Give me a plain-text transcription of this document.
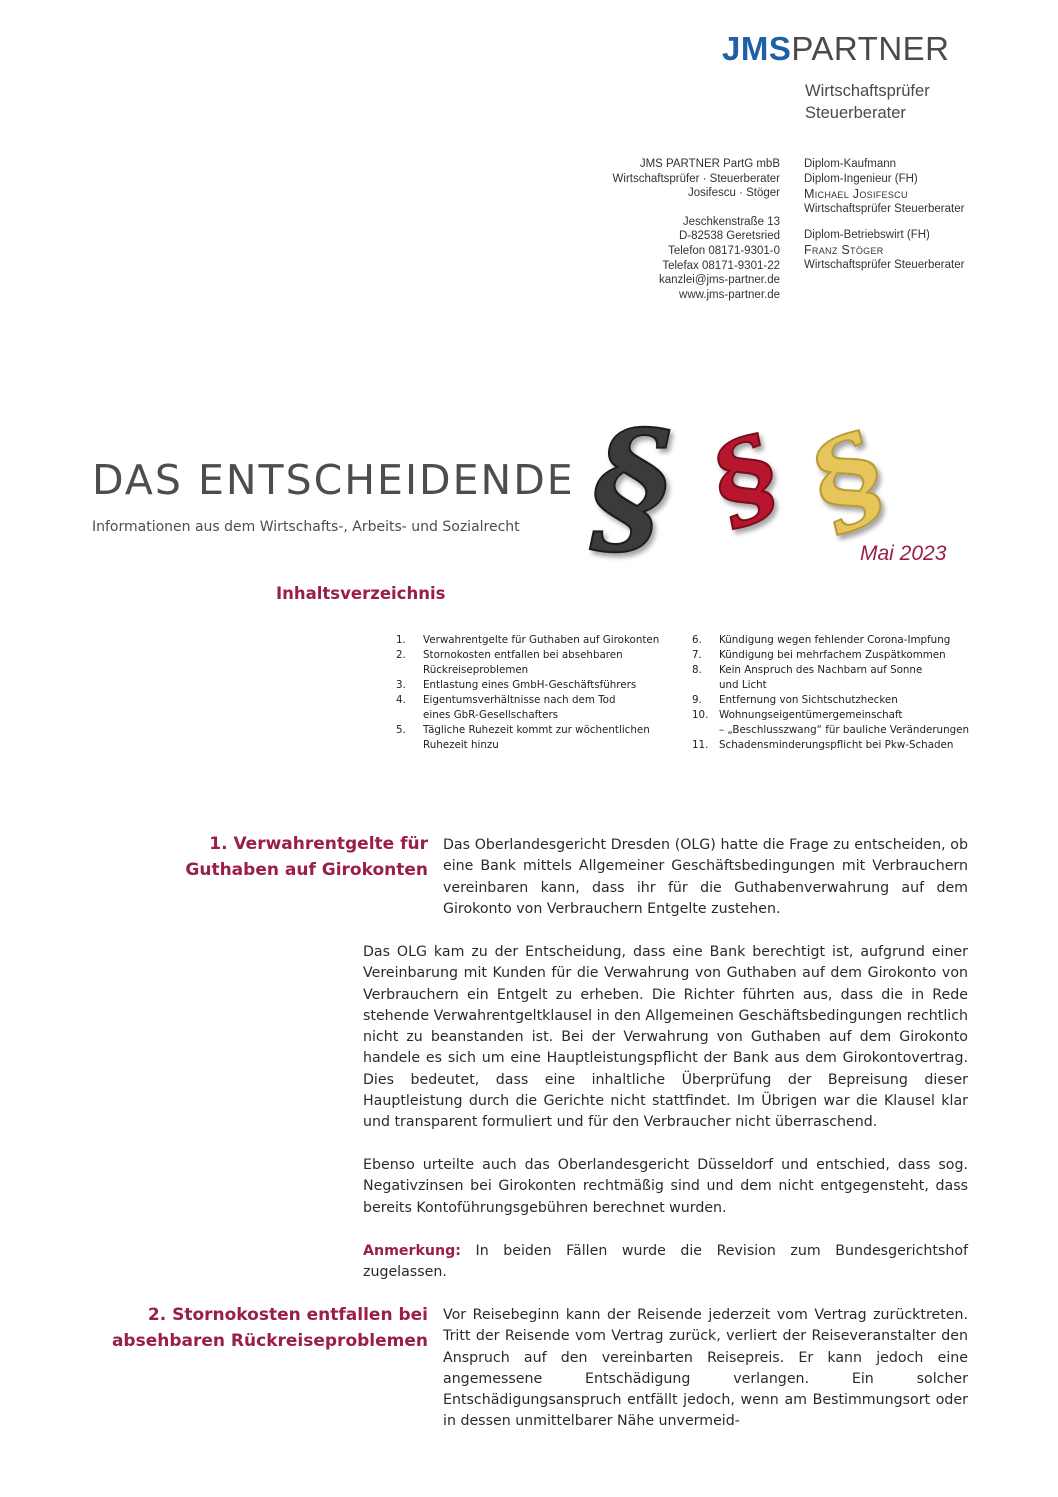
JMSPARTNER
Wirtschaftsprüfer
Steuerberater
JMS PARTNER PartG mbB
Wirtschaftsprüfer · Steuerberater
Josifescu · Stöger
Jeschkenstraße 13
D-82538 Geretsried
Telefon 08171-9301-0
Telefax 08171-9301-22
kanzlei@jms-partner.de
www.jms-partner.de
Diplom-Kaufmann
Diplom-Ingenieur (FH)
Michael Josifescu
Wirtschaftsprüfer Steuerberater
Diplom-Betriebswirt (FH)
Franz Stöger
Wirtschaftsprüfer Steuerberater
DAS ENTSCHEIDENDE
Informationen aus dem Wirtschafts-, Arbeits- und Sozialrecht § § §
Mai 2023
Inhaltsverzeichnis
1.	Verwahrentgelte für Guthaben auf Girokonten
2.	Stornokosten entfallen bei absehbaren
Rückreiseproblemen
3.	Entlastung eines GmbH-Geschäftsführers
4.	Eigentumsverhältnisse nach dem Tod
eines GbR-Gesellschafters
5.	Tägliche Ruhezeit kommt zur wöchentlichen
Ruhezeit hinzu
6.	Kündigung wegen fehlender Corona-Impfung
7.	Kündigung bei mehrfachem Zuspätkommen
8.	Kein Anspruch des Nachbarn auf Sonne
und Licht
9.	Entfernung von Sichtschutzhecken
10.	Wohnungseigentümergemeinschaft
– „Beschlusszwang“ für bauliche Veränderungen
11.	Schadensminderungspflicht bei Pkw-Schaden
1. Verwahrentgelte für
Guthaben auf Girokonten
Das Oberlandesgericht Dresden (OLG) hatte die Frage zu entscheiden, ob eine Bank mittels Allgemeiner Geschäftsbedingungen mit Verbrauchern vereinbaren kann, dass ihr für die Guthabenverwahrung auf dem Girokonto von Verbrauchern Entgelte zustehen.
Das OLG kam zu der Entscheidung, dass eine Bank berechtigt ist, aufgrund einer Vereinbarung mit Kunden für die Verwahrung von Guthaben auf dem Girokonto von Verbrauchern ein Entgelt zu erheben. Die Richter führten aus, dass die in Rede stehende Verwahrentgeltklausel in den Allgemeinen Geschäftsbedingungen rechtlich nicht zu beanstanden ist. Bei der Verwahrung von Guthaben auf dem Girokonto handele es sich um eine Hauptleistungspflicht der Bank aus dem Girokontovertrag. Dies bedeutet, dass eine inhaltliche Überprüfung der Bepreisung dieser Hauptleistung durch die Gerichte nicht stattfindet. Im Übrigen war die Klausel klar und transparent formuliert und für den Verbraucher nicht überraschend.
Ebenso urteilte auch das Oberlandesgericht Düsseldorf und entschied, dass sog. Negativzinsen bei Girokonten rechtmäßig sind und dem nicht entgegensteht, dass bereits Kontoführungsgebühren berechnet wurden.
Anmerkung: In beiden Fällen wurde die Revision zum Bundesgerichtshof zugelassen.
2. Stornokosten entfallen bei
absehbaren Rückreiseproblemen
Vor Reisebeginn kann der Reisende jederzeit vom Vertrag zurücktreten. Tritt der Reisende vom Vertrag zurück, verliert der Reiseveranstalter den Anspruch auf den vereinbarten Reisepreis. Er kann jedoch eine angemessene Entschädigung verlangen. Ein solcher Entschädigungsanspruch entfällt jedoch, wenn am Bestimmungsort oder in dessen unmittelbarer Nähe unvermeid-
